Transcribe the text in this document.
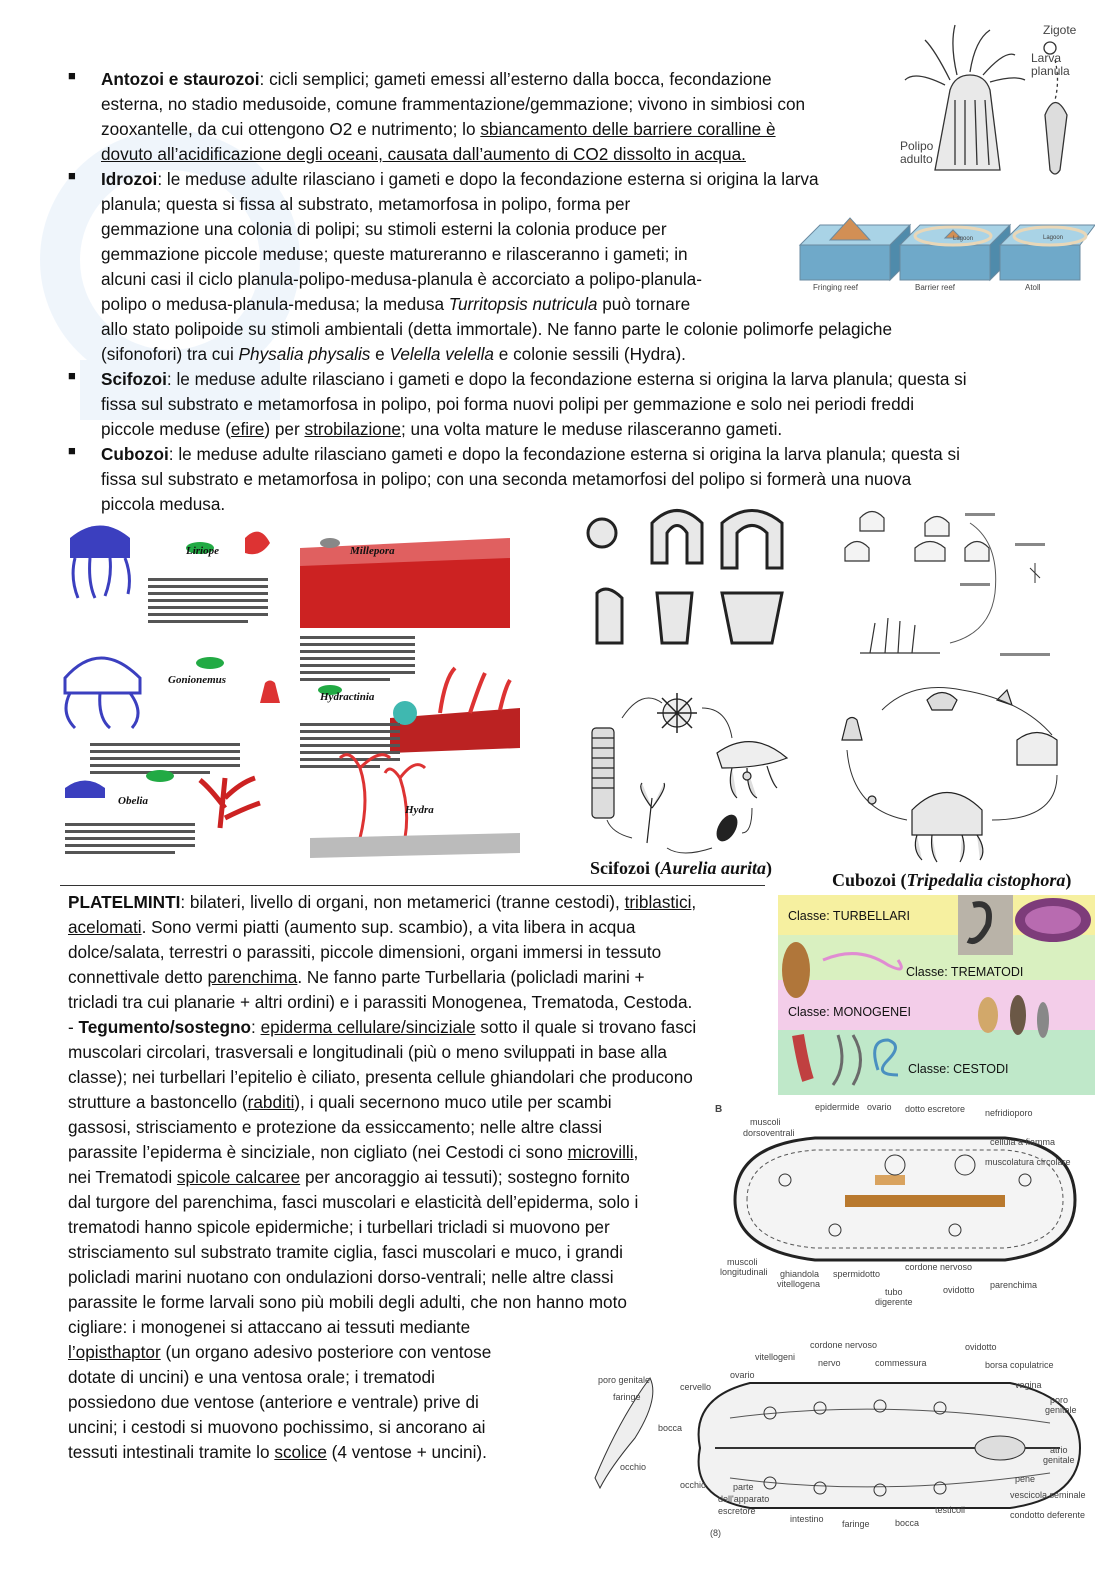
■ Antozoi e staurozoi: cicli semplici; gameti emessi all’esterno dalla bocca, fecondazione
esterna, no stadio medusoide, comune frammentazione/gemmazione; vivono in simbiosi con
zooxantelle, da cui ottengono O2 e nutrimento; lo sbiancamento delle barriere coralline è
dovuto all’acidificazione degli oceani, causata dall’aumento di CO2 dissolto in acqua.
■ Idrozoi: le meduse adulte rilasciano i gameti e dopo la fecondazione esterna si origina la larva
planula; questa si fissa al substrato, metamorfosa in polipo, forma per
gemmazione una colonia di polipi; su stimoli esterni la colonia produce per
gemmazione piccole meduse; queste matureranno e rilasceranno i gameti; in
alcuni casi il ciclo planula-polipo-medusa-planula è accorciato a polipo-planula-
polipo o medusa-planula-medusa; la medusa Turritopsis nutricula può tornare
allo stato polipoide su stimoli ambientali (detta immortale). Ne fanno parte le colonie polimorfe pelagiche
(sifonofori) tra cui Physalia physalis e Velella velella e colonie sessili (Hydra).
■ Scifozoi: le meduse adulte rilasciano i gameti e dopo la fecondazione esterna si origina la larva planula; questa si
fissa sul substrato e metamorfosa in polipo, poi forma nuovi polipi per gemmazione e solo nei periodi freddi
piccole meduse (efire) per strobilazione; una volta mature le meduse rilasceranno gameti.
■ Cubozoi: le meduse adulte rilasciano gameti e dopo la fecondazione esterna si origina la larva planula; questa si
fissa sul substrato e metamorfosa in polipo; con una seconda metamorfosi del polipo si formerà una nuova
piccola medusa.
Zigote
Larva
planula
Polipo
adulto
Lagoon	Lagoon
Fringing reef	Barrier reef	Atoll
Liriope	Millepora
Gonionemus
Hydractinia
Obelia
Hydra
Scifozoi (Aurelia aurita)
Cubozoi (Tripedalia cistophora)
PLATELMINTI: bilateri, livello di organi, non metamerici (tranne cestodi), triblastici,
acelomati. Sono vermi piatti (aumento sup. scambio), a vita libera in acqua
dolce/salata, terrestri o parassiti, piccole dimensioni, organi immersi in tessuto
connettivale detto parenchima. Ne fanno parte Turbellaria (policladi marini +
tricladi tra cui planarie + altri ordini) e i parassiti Monogenea, Trematoda, Cestoda.
- Tegumento/sostegno: epiderma cellulare/sinciziale sotto il quale si trovano fasci
muscolari circolari, trasversali e longitudinali (più o meno sviluppati in base alla
classe); nei turbellari l’epitelio è ciliato, presenta cellule ghiandolari che producono
strutture a bastoncello (rabditi), i quali secernono muco utile per scambi
gassosi, strisciamento e protezione da essiccamento; nelle altre classi
parassite l’epiderma è sinciziale, non cigliato (nei Cestodi ci sono microvilli,
nei Trematodi spicole calcaree per ancoraggio ai tessuti); sostegno fornito
dal turgore del parenchima, fasci muscolari e elasticità dell’epiderma, solo i
trematodi hanno spicole epidermiche; i turbellari tricladi si muovono per
strisciamento sul substrato tramite ciglia, fasci muscolari e muco, i grandi
policladi marini nuotano con ondulazioni dorso-ventrali; nelle altre classi
parassite le forme larvali sono più mobili degli adulti, che non hanno moto
cigliare: i monogenei si attaccano ai tessuti mediante
l’opisthaptor (un organo adesivo posteriore con ventose
dotate di uncini) e una ventosa orale; i trematodi
possiedono due ventose (anteriore e ventrale) prive di
uncini; i cestodi si muovono pochissimo, si ancorano ai
tessuti intestinali tramite lo scolice (4 ventose + uncini).
Classe: TURBELLARI
Classe: TREMATODI
Classe: MONOGENEI
Classe: CESTODI
B	epidermide ovario dotto escretore nefridioporo
muscoli
dorsoventrali
cellula a fiamma
muscolatura circolare
muscoli
longitudinali ghiandola
vitellogena
spermidotto
tubo
digerente
cordone nervoso
ovidotto parenchima
vitellogeni
cordone nervoso
nervo	commessura
ovidotto
ovario
borsa copulatrice
poro genitale
faringe
cervello	vagina
poro
genitale
bocca
atrio
genitale
occhio
occhio	parte
dell'apparato
escretore
intestino faringe	bocca
testicoli
pene
vescicola seminale
condotto deferente
(8)
